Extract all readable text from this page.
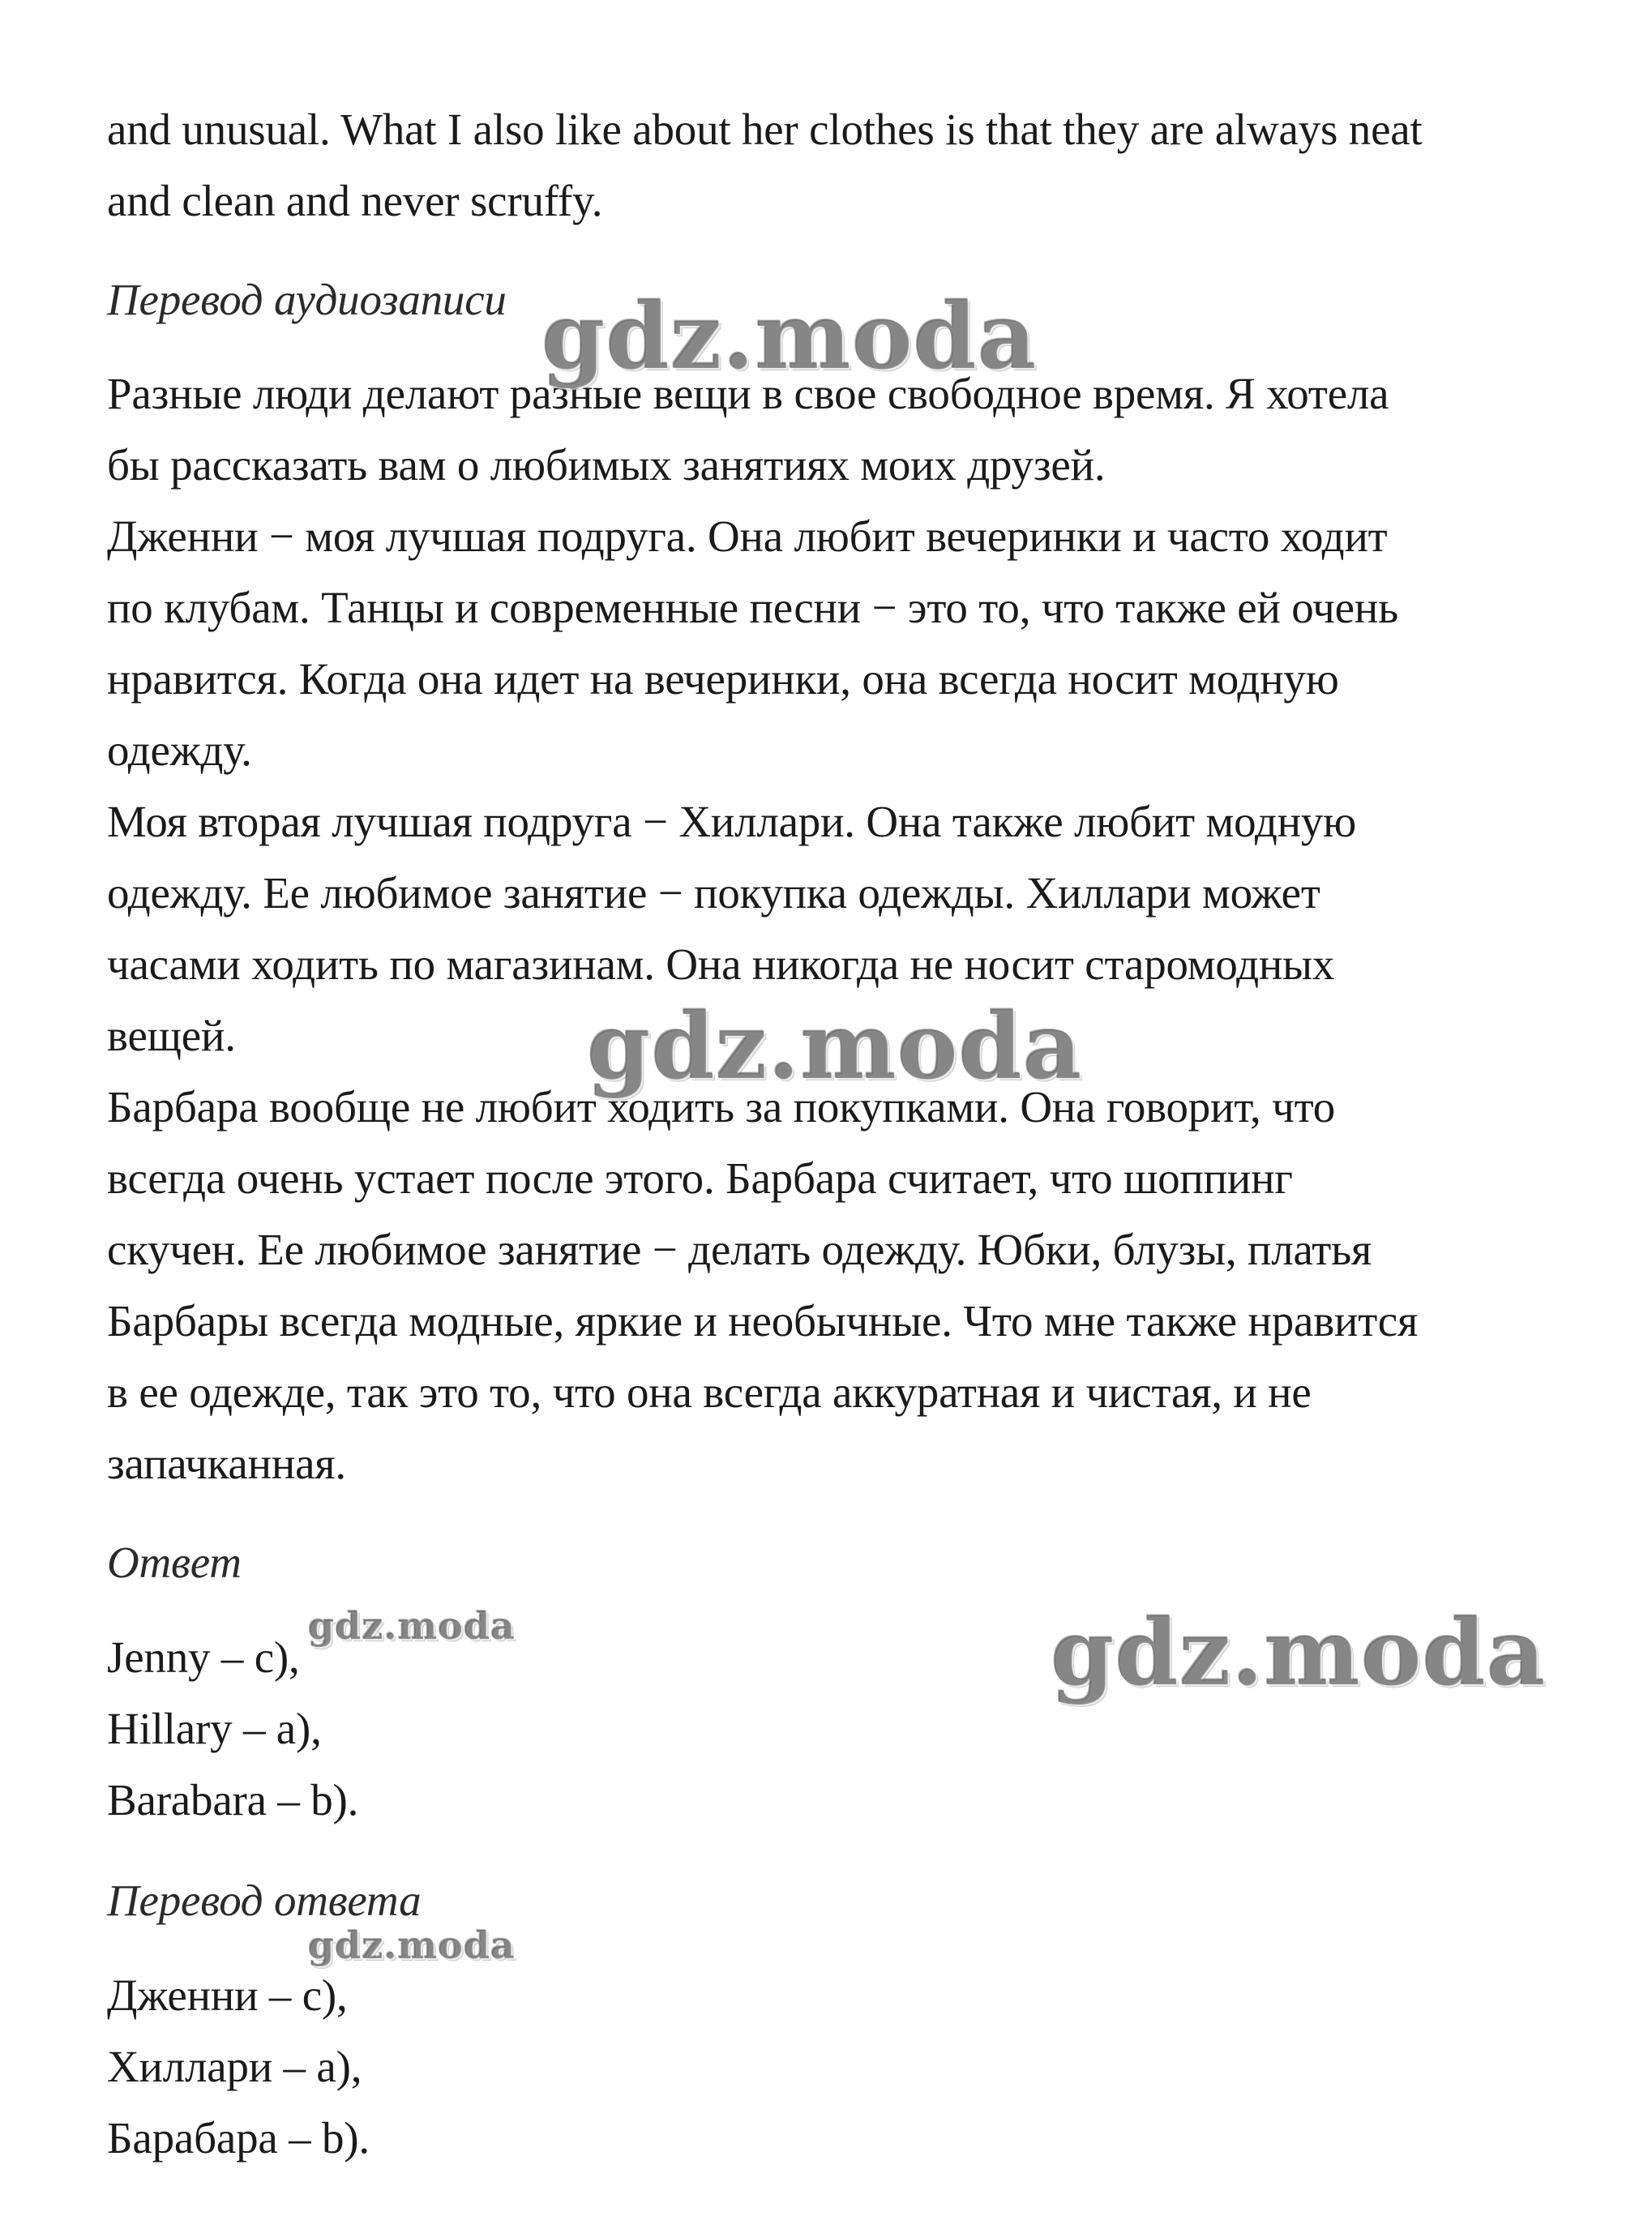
and unusual. What I also like about her clothes is that they are always neat
and clean and never scruffy.
Перевод аудиозаписи
Разные люди делают разные вещи в свое свободное время. Я хотела
бы рассказать вам о любимых занятиях моих друзей.
Дженни − моя лучшая подруга. Она любит вечеринки и часто ходит
по клубам. Танцы и современные песни − это то, что также ей очень
нравится. Когда она идет на вечеринки, она всегда носит модную
одежду.
Моя вторая лучшая подруга − Хиллари. Она также любит модную
одежду. Ее любимое занятие − покупка одежды. Хиллари может
часами ходить по магазинам. Она никогда не носит старомодных
вещей.
Барбара вообще не любит ходить за покупками. Она говорит, что
всегда очень устает после этого. Барбара считает, что шоппинг
скучен. Ее любимое занятие − делать одежду. Юбки, блузы, платья
Барбары всегда модные, яркие и необычные. Что мне также нравится
в ее одежде, так это то, что она всегда аккуратная и чистая, и не
запачканная.
Ответ
Jenny – c),
Hillary – a),
Barabara – b).
Перевод ответа
Дженни – c),
Хиллари – a),
Барабара – b).
gdz.moda
gdz.moda
gdz.moda
gdz.moda
gdz.moda
